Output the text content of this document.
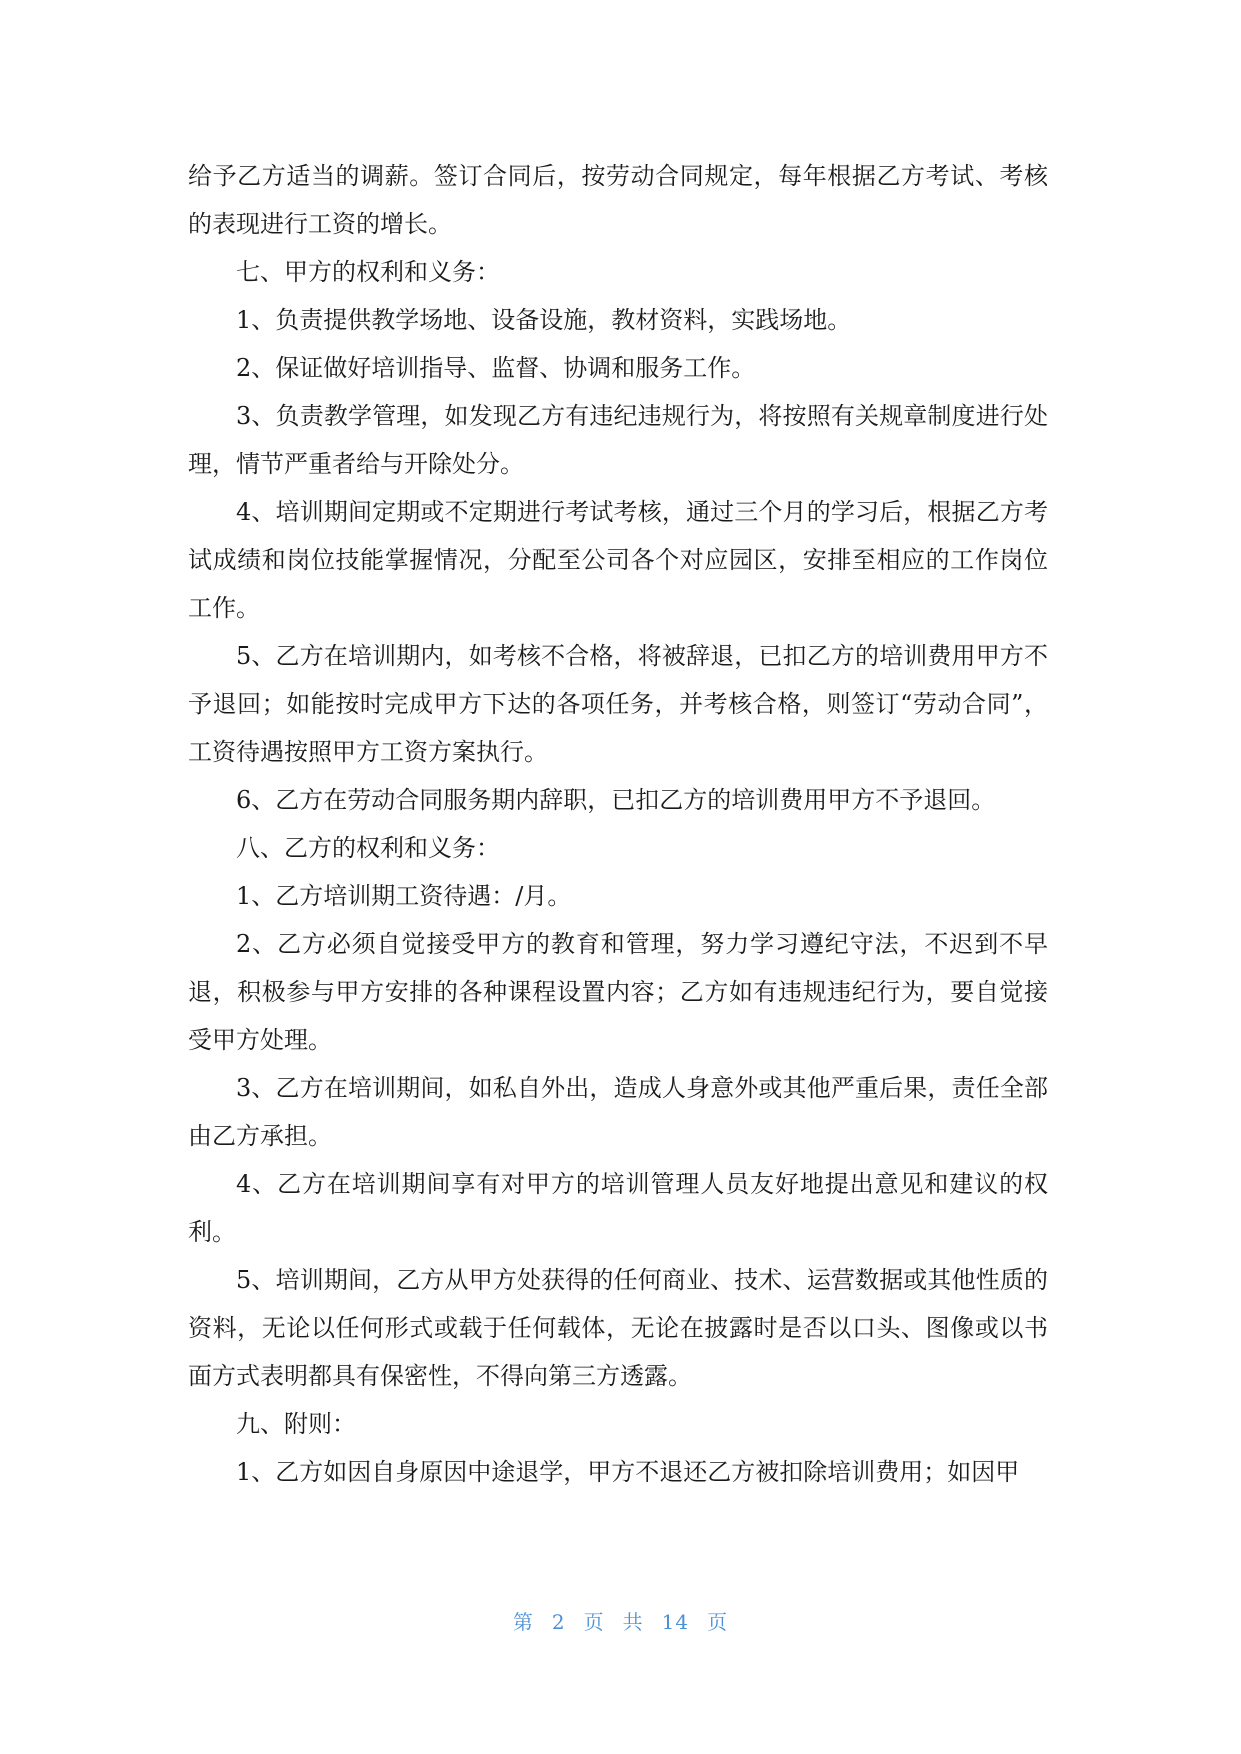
给予乙方适当的调薪。签订合同后，按劳动合同规定，每年根据乙方考试、考核的表现进行工资的增长。

七、甲方的权利和义务：

1、负责提供教学场地、设备设施，教材资料，实践场地。

2、保证做好培训指导、监督、协调和服务工作。

3、负责教学管理，如发现乙方有违纪违规行为，将按照有关规章制度进行处理，情节严重者给与开除处分。

4、培训期间定期或不定期进行考试考核，通过三个月的学习后，根据乙方考试成绩和岗位技能掌握情况，分配至公司各个对应园区，安排至相应的工作岗位工作。

5、乙方在培训期内，如考核不合格，将被辞退，已扣乙方的培训费用甲方不予退回；如能按时完成甲方下达的各项任务，并考核合格，则签订“劳动合同”，工资待遇按照甲方工资方案执行。

6、乙方在劳动合同服务期内辞职，已扣乙方的培训费用甲方不予退回。

八、乙方的权利和义务：

1、乙方培训期工资待遇：/月。

2、乙方必须自觉接受甲方的教育和管理，努力学习遵纪守法，不迟到不早退，积极参与甲方安排的各种课程设置内容；乙方如有违规违纪行为，要自觉接受甲方处理。

3、乙方在培训期间，如私自外出，造成人身意外或其他严重后果，责任全部由乙方承担。

4、乙方在培训期间享有对甲方的培训管理人员友好地提出意见和建议的权利。

5、培训期间，乙方从甲方处获得的任何商业、技术、运营数据或其他性质的资料，无论以任何形式或载于任何载体，无论在披露时是否以口头、图像或以书面方式表明都具有保密性，不得向第三方透露。

九、附则：

1、乙方如因自身原因中途退学，甲方不退还乙方被扣除培训费用；如因甲

第 2 页 共 14 页
